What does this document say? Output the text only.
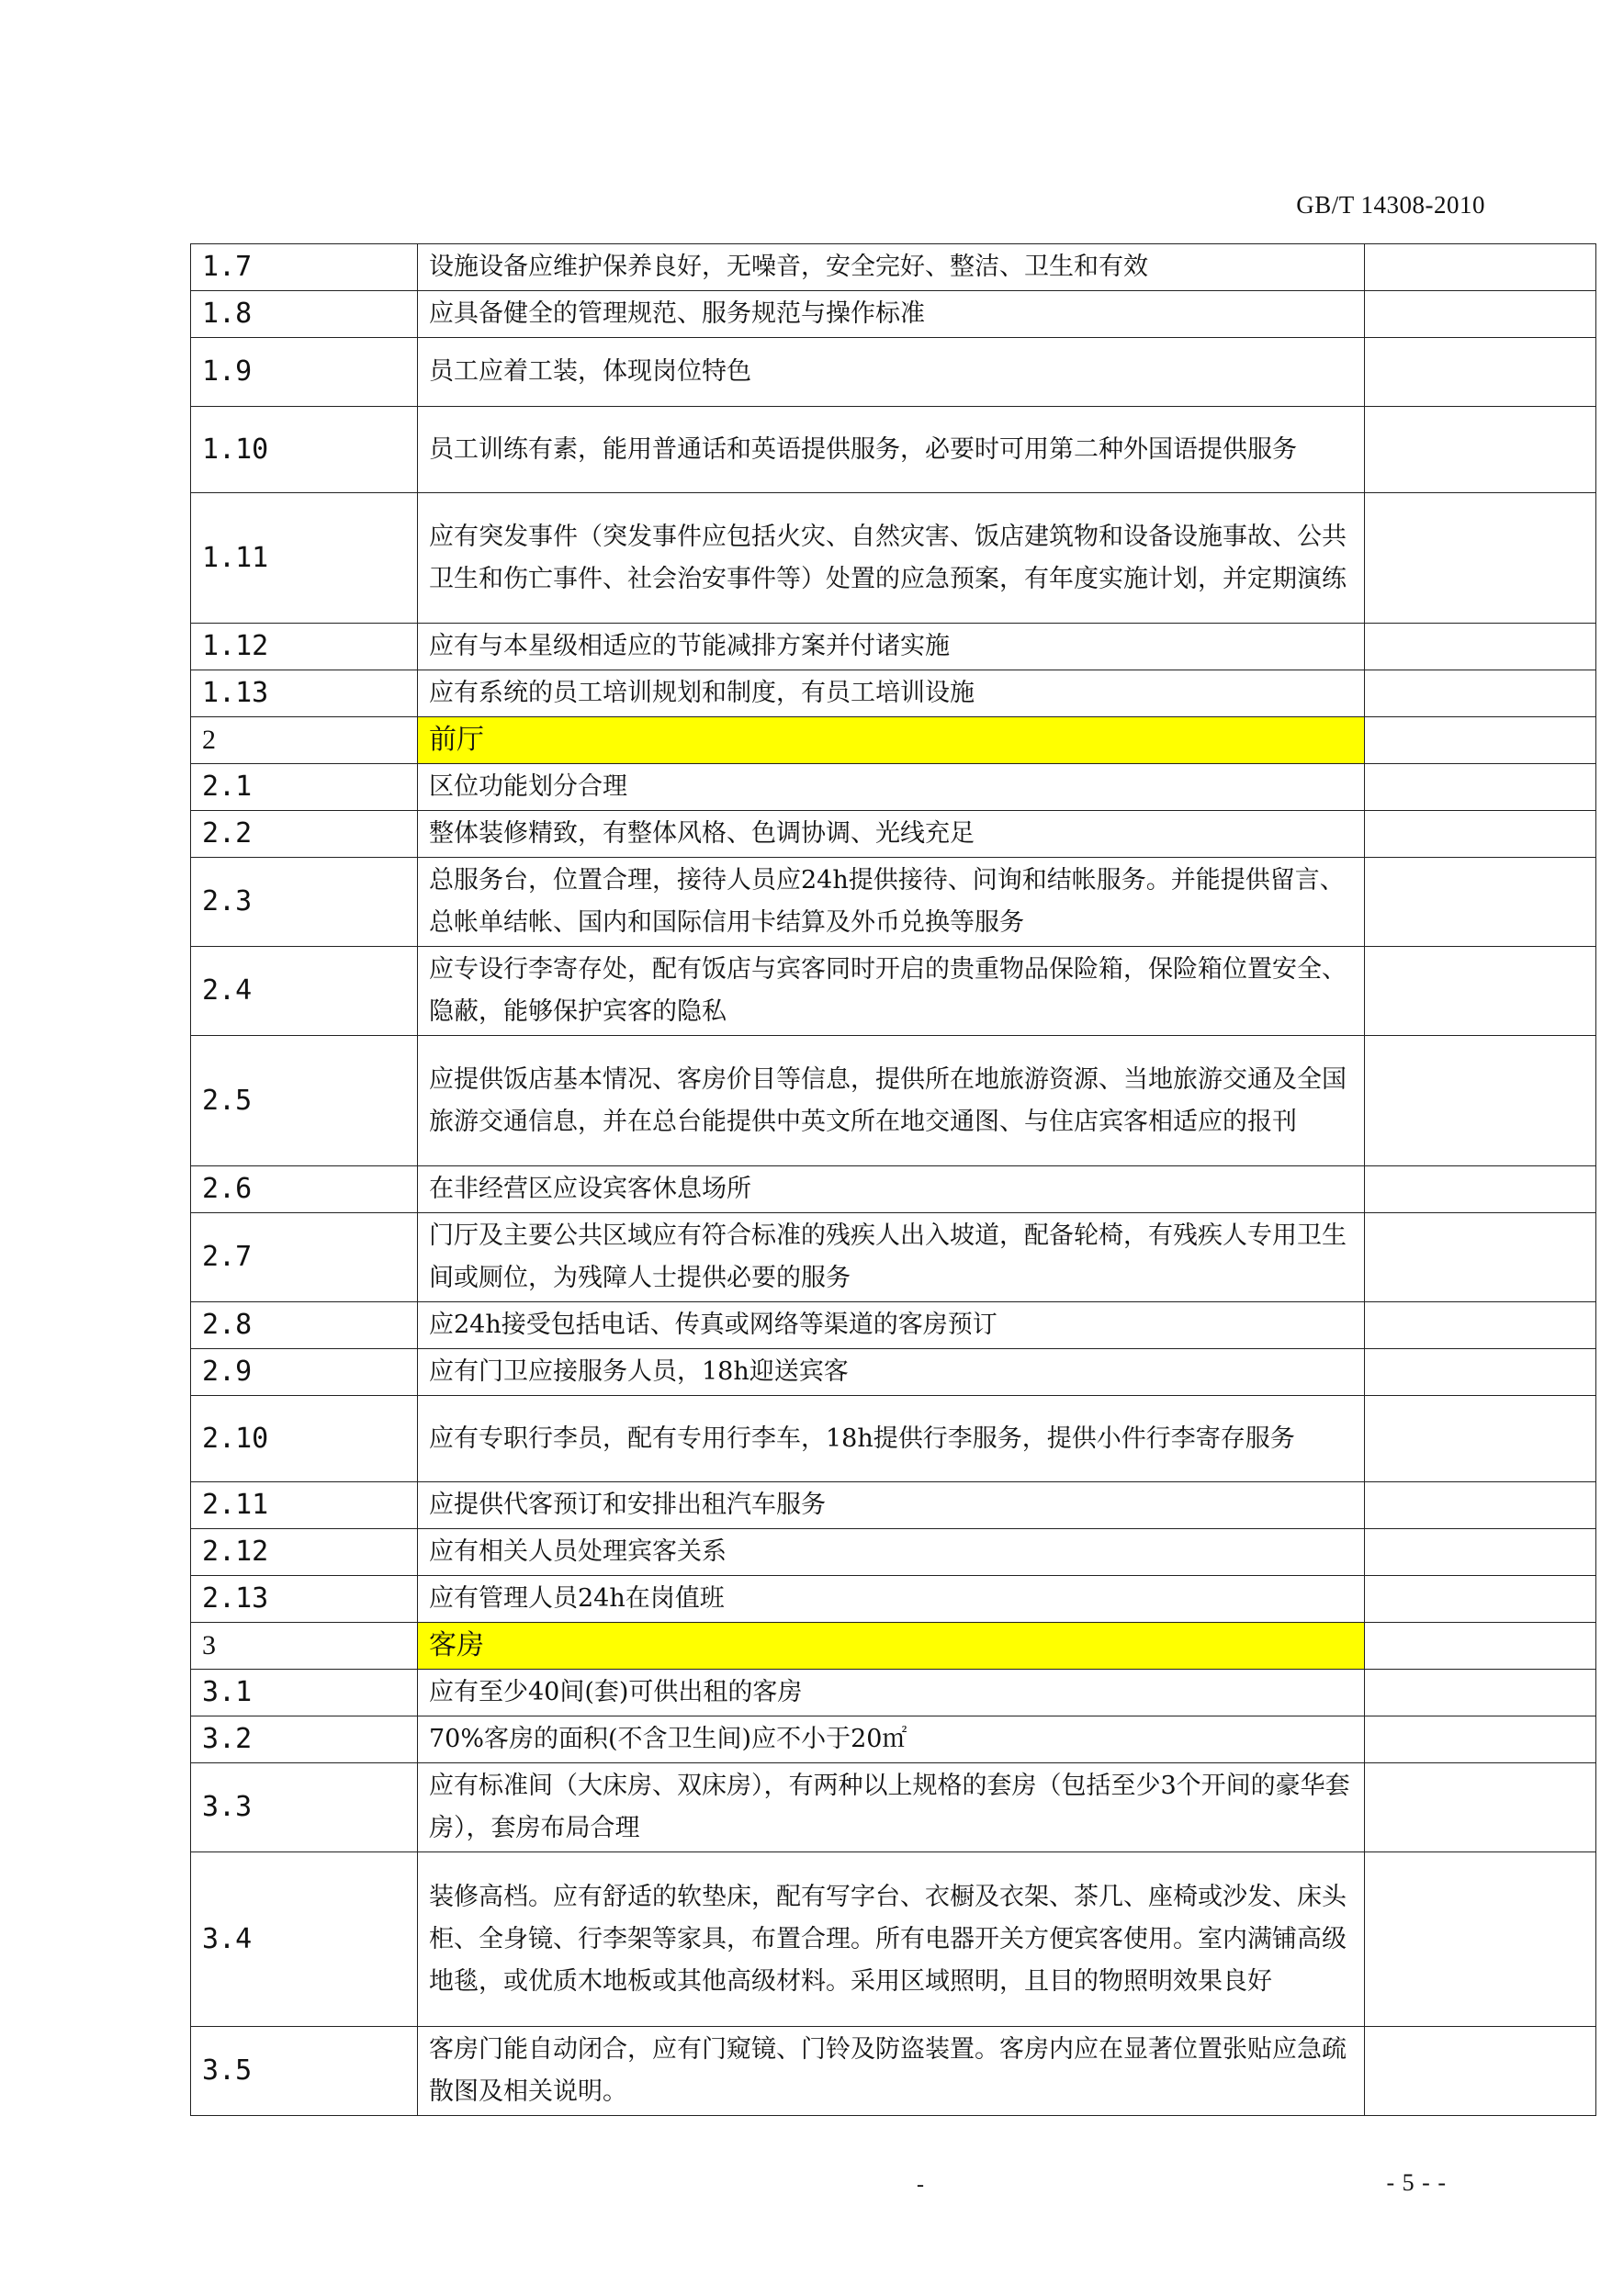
GB/T 14308-2010
1.7	设施设备应维护保养良好，无噪音，安全完好、整洁、卫生和有效	
1.8	应具备健全的管理规范、服务规范与操作标准	
1.9	员工应着工装，体现岗位特色	
1.10	员工训练有素，能用普通话和英语提供服务，必要时可用第二种外国语提供服务	
1.11	应有突发事件（突发事件应包括火灾、自然灾害、饭店建筑物和设备设施事故、公共卫生和伤亡事件、社会治安事件等）处置的应急预案，有年度实施计划，并定期演练	
1.12	应有与本星级相适应的节能减排方案并付诸实施	
1.13	应有系统的员工培训规划和制度，有员工培训设施	
2	前厅	
2.1	区位功能划分合理	
2.2	整体装修精致，有整体风格、色调协调、光线充足	
2.3	总服务台，位置合理，接待人员应24h提供接待、问询和结帐服务。并能提供留言、总帐单结帐、国内和国际信用卡结算及外币兑换等服务	
2.4	应专设行李寄存处，配有饭店与宾客同时开启的贵重物品保险箱，保险箱位置安全、隐蔽，能够保护宾客的隐私	
2.5	应提供饭店基本情况、客房价目等信息，提供所在地旅游资源、当地旅游交通及全国旅游交通信息，并在总台能提供中英文所在地交通图、与住店宾客相适应的报刊	
2.6	在非经营区应设宾客休息场所	
2.7	门厅及主要公共区域应有符合标准的残疾人出入坡道，配备轮椅，有残疾人专用卫生间或厕位，为残障人士提供必要的服务	
2.8	应24h接受包括电话、传真或网络等渠道的客房预订	
2.9	应有门卫应接服务人员，18h迎送宾客	
2.10	应有专职行李员，配有专用行李车，18h提供行李服务，提供小件行李寄存服务	
2.11	应提供代客预订和安排出租汽车服务	
2.12	应有相关人员处理宾客关系	
2.13	应有管理人员24h在岗值班	
3	客房	
3.1	应有至少40间(套)可供出租的客房	
3.2	70%客房的面积(不含卫生间)应不小于20㎡	
3.3	应有标准间（大床房、双床房），有两种以上规格的套房（包括至少3个开间的豪华套房），套房布局合理	
3.4	装修高档。应有舒适的软垫床，配有写字台、衣橱及衣架、茶几、座椅或沙发、床头柜、全身镜、行李架等家具，布置合理。所有电器开关方便宾客使用。室内满铺高级地毯，或优质木地板或其他高级材料。采用区域照明，且目的物照明效果良好	
3.5	客房门能自动闭合，应有门窥镜、门铃及防盗装置。客房内应在显著位置张贴应急疏散图及相关说明。	
-	- 5 - -
